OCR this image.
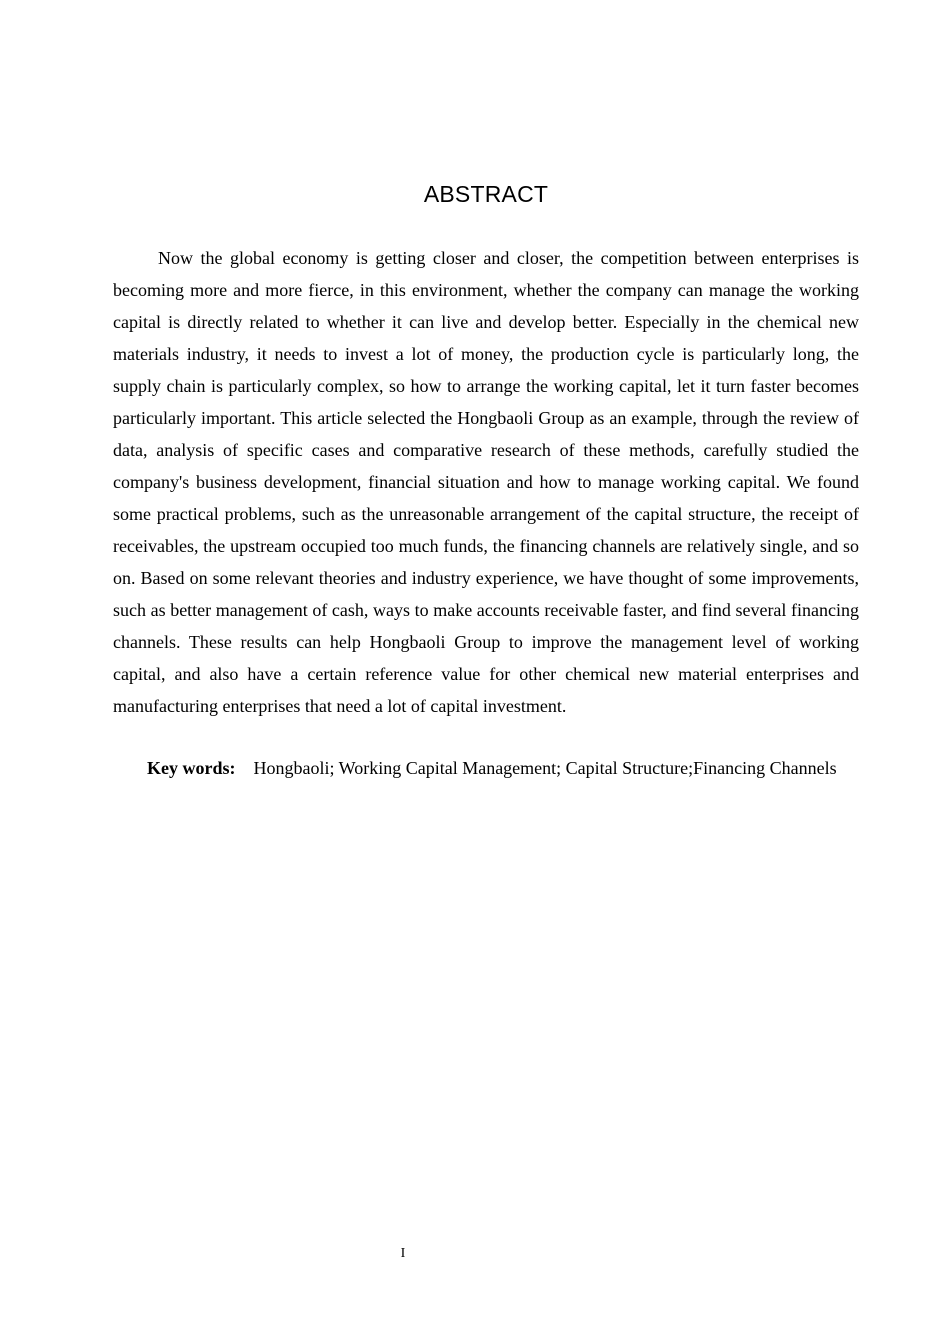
ABSTRACT

Now the global economy is getting closer and closer, the competition between enterprises is becoming more and more fierce, in this environment, whether the company can manage the working capital is directly related to whether it can live and develop better. Especially in the chemical new materials industry, it needs to invest a lot of money, the production cycle is particularly long, the supply chain is particularly complex, so how to arrange the working capital, let it turn faster becomes particularly important. This article selected the Hongbaoli Group as an example, through the review of data, analysis of specific cases and comparative research of these methods, carefully studied the company's business development, financial situation and how to manage working capital. We found some practical problems, such as the unreasonable arrangement of the capital structure, the receipt of receivables, the upstream occupied too much funds, the financing channels are relatively single, and so on. Based on some relevant theories and industry experience, we have thought of some improvements, such as better management of cash, ways to make accounts receivable faster, and find several financing channels. These results can help Hongbaoli Group to improve the management level of working capital, and also have a certain reference value for other chemical new material enterprises and manufacturing enterprises that need a lot of capital investment.

Key words: Hongbaoli; Working Capital Management; Capital Structure;Financing Channels

I
